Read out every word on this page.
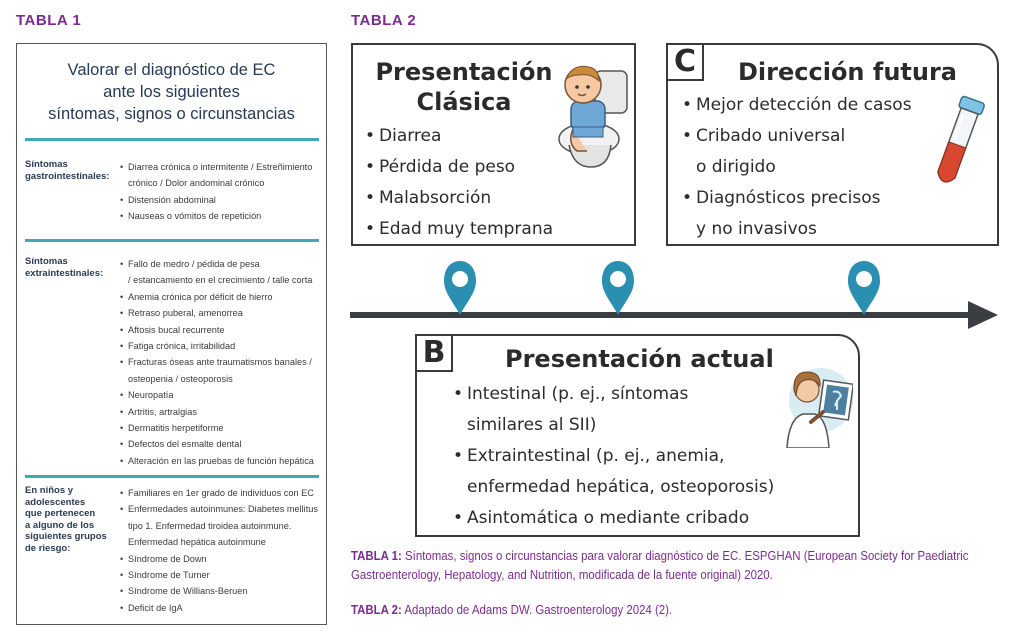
TABLA 1
Valorar el diagnóstico de EC
ante los siguientes
síntomas, signos o circunstancias
Síntomas
gastrointestinales:
• Diarrea crónica o intermitente / Estreñimiento
crónico / Dolor andominal crónico
• Distensión abdominal
• Nauseas o vómitos de repetición
Síntomas
extraintestinales:
• Fallo de medro / pédida de pesa
/ estancamiento en el crecimiento / talle corta
• Anemia crónica por déficit de hierro
• Retraso puberal, amenorrea
• Aftosis bucal recurrente
• Fatiga crónica, irritabilidad
• Fracturas óseas ante traumatismos banales /
osteopenia / osteoporosis
• Neuropatía
• Artritis, artralgias
• Dermatitis herpetiforme
• Defectos del esmalte dental
• Alteración en las pruebas de función hepática
En niños y
adolescentes
que pertenecen
a alguno de los
siguientes grupos
de riesgo:
• Familiares en 1er grado de individuos con EC
• Enfermedades autoinmunes: Diabetes mellitus
tipo 1. Enfermedad tiroidea autoinmune.
Enfermedad hepática autoinmune
• Síndrome de Down
• Síndrome de Turner
• Síndrome de Willians-Beruen
• Deficit de IgA
TABLA 2
Presentación
Clásica
• Diarrea
• Pérdida de peso
• Malabsorción
• Edad muy temprana
C	Dirección futura
• Mejor detección de casos
• Cribado universal
o dirigido
• Diagnósticos precisos
y no invasivos
B	Presentación actual
• Intestinal (p. ej., síntomas
similares al SII)
• Extraintestinal (p. ej., anemia,
enfermedad hepática, osteoporosis)
• Asintomática o mediante cribado
TABLA 1: Síntomas, signos o circunstancias para valorar diagnóstico de EC. ESPGHAN (European Society for Paediatric
Gastroenterology, Hepatology, and Nutrition, modificada de la fuente original) 2020.
TABLA 2: Adaptado de Adams DW. Gastroenterology 2024 (2).
